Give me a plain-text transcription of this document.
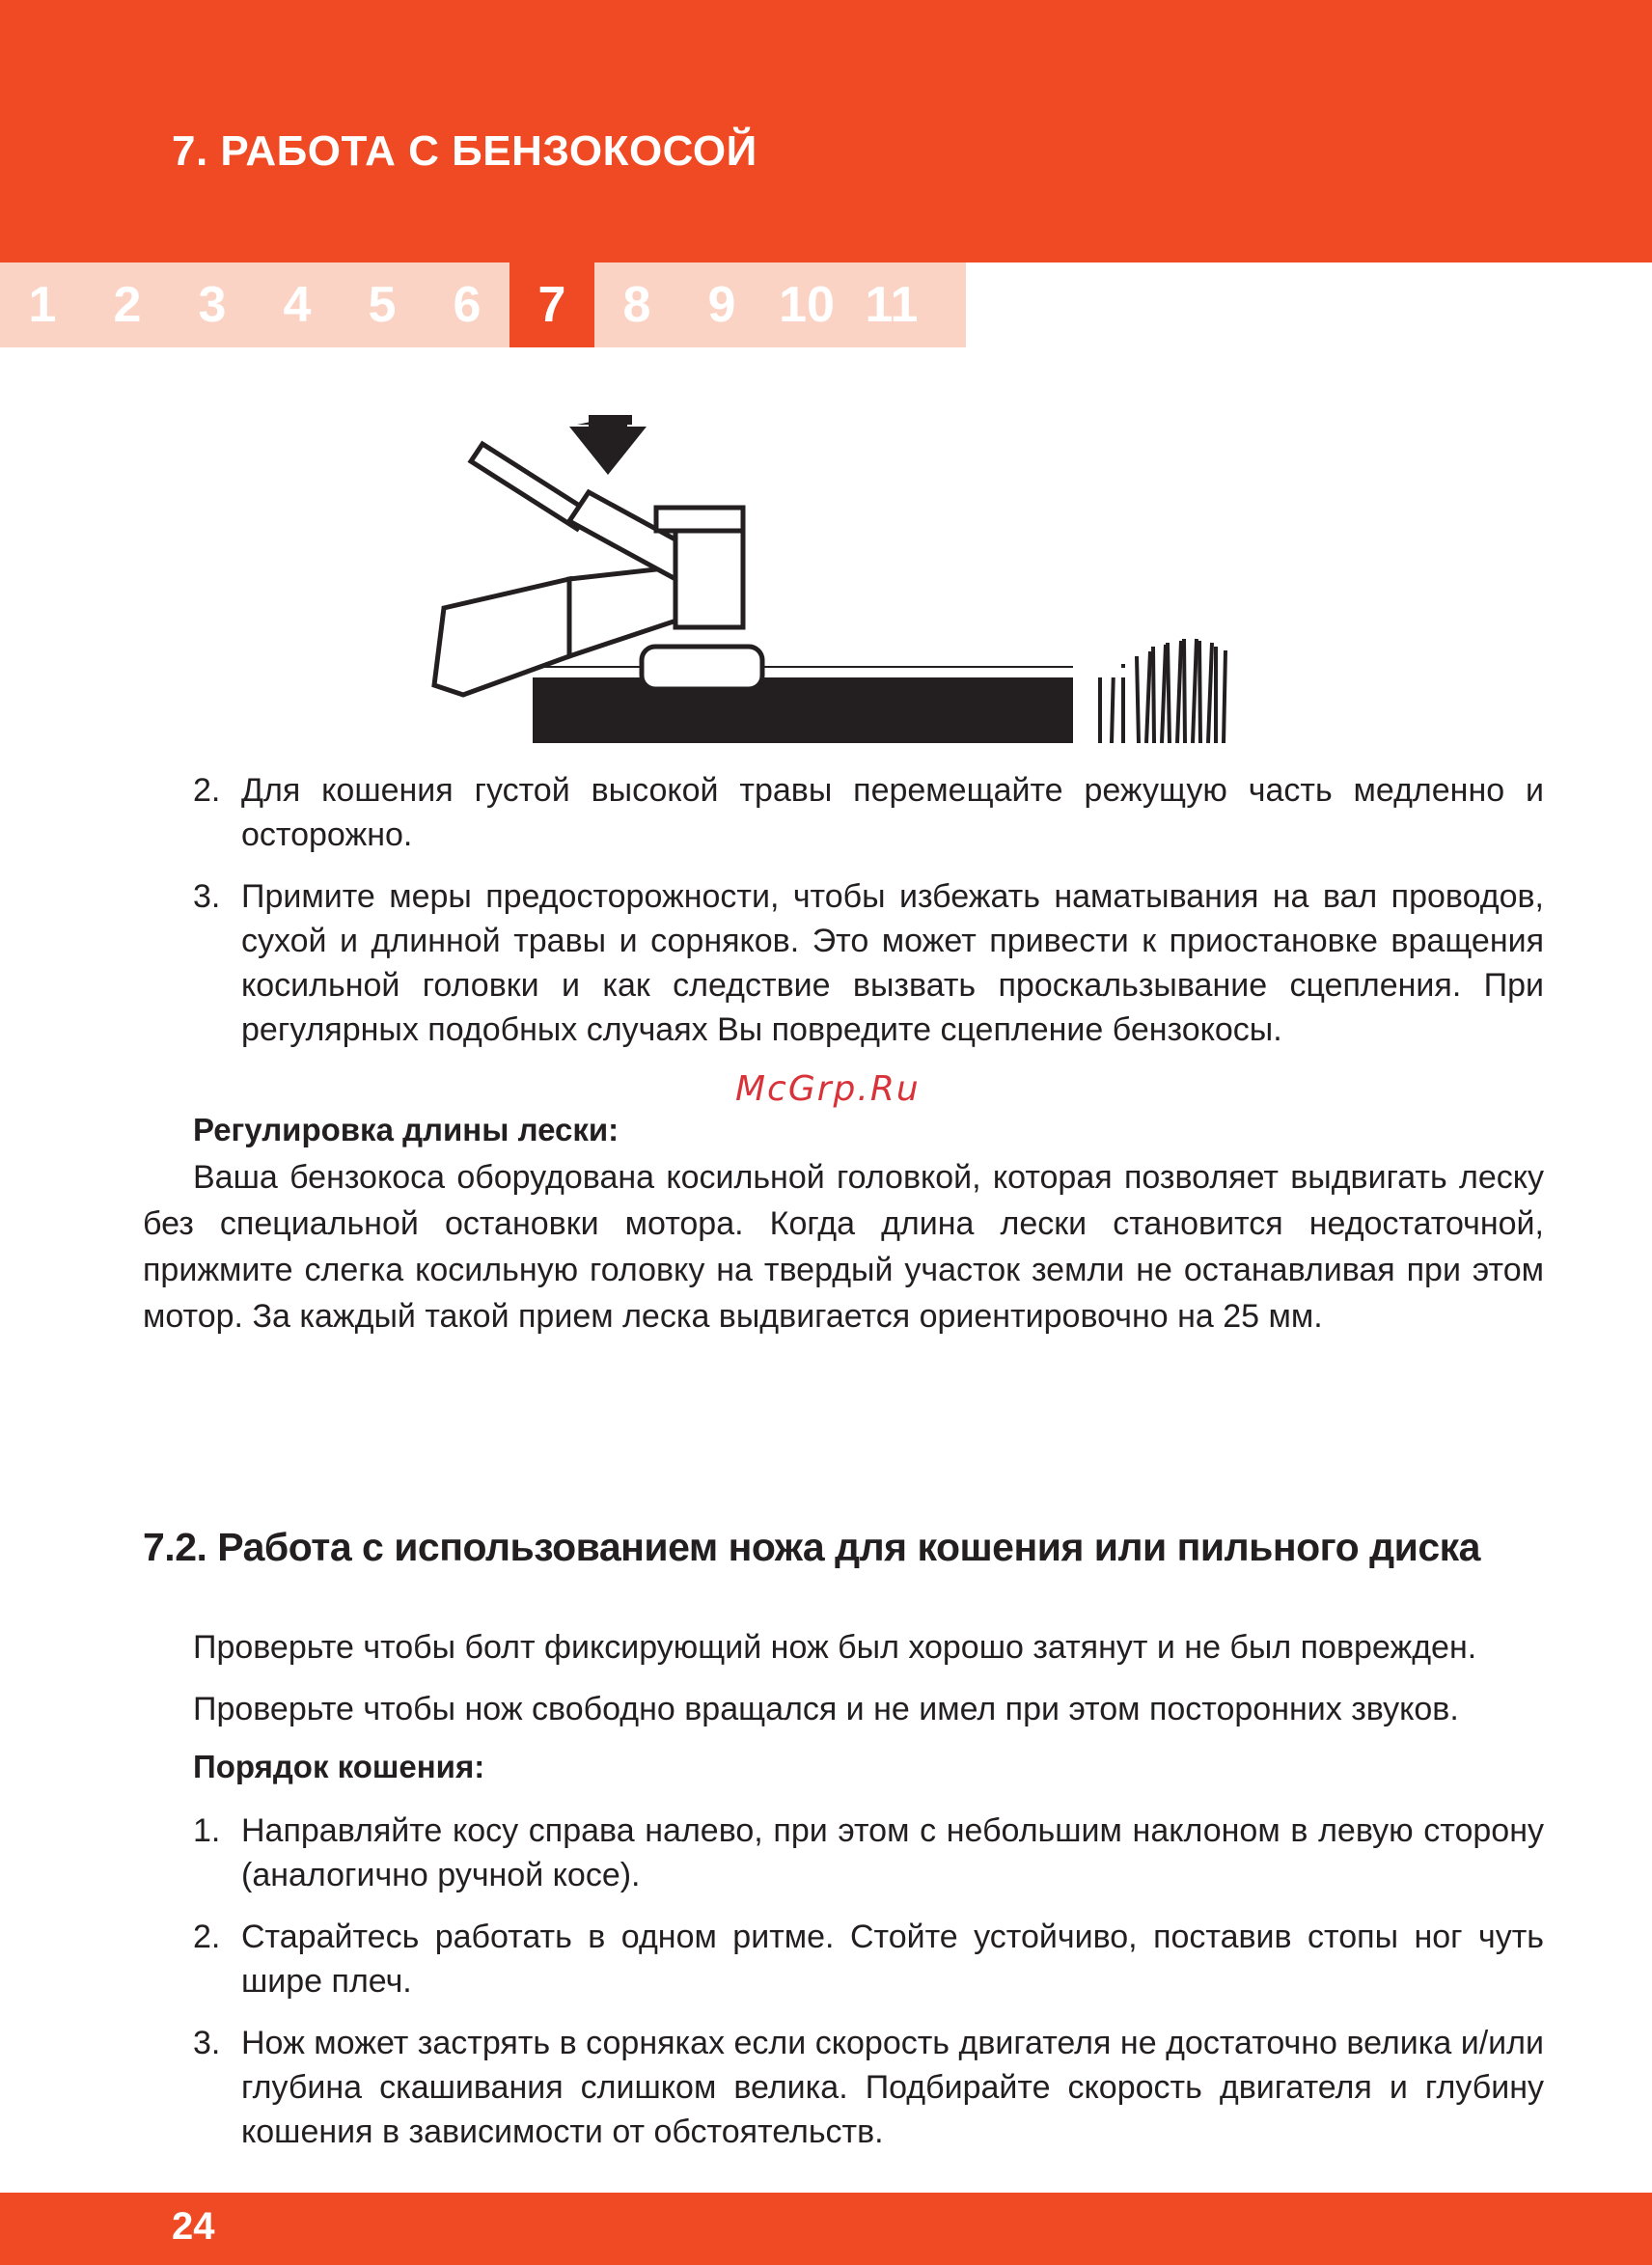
7. РАБОТА С БЕНЗОКОСОЙ
1	2	3	4	5	6	7	8	9 10 11
2. Для кошения густой высокой травы перемещайте режущую часть медленно и осторожно.
3. Примите меры предосторожности, чтобы избежать наматывания на вал проводов, сухой и длинной травы и сорняков. Это может привести к приостановке вращения косильной головки и как следствие вызвать проскальзывание сцепления. При регулярных подобных случаях Вы повредите сцепление бензокосы.
McGrp.Ru
Регулировка длины лески:

Ваша бензокоса оборудована косильной головкой, которая позволяет выдвигать леску без специальной остановки мотора. Когда длина лески становится недостаточной, прижмите слегка косильную головку на твердый участок земли не останавливая при этом мотор. За каждый такой прием леска выдвигается ориентировочно на 25 мм.

7.2. Работа с использованием ножа для кошения или пильного диска
Проверьте чтобы болт фиксирующий нож был хорошо затянут и не был поврежден.
Проверьте чтобы нож свободно вращался и не имел при этом посторонних звуков.
Порядок кошения:
1. Направляйте косу справа налево, при этом с небольшим наклоном в левую сторону (аналогично ручной косе).
2. Старайтесь работать в одном ритме. Стойте устойчиво, поставив стопы ног чуть шире плеч.
3. Нож может застрять в сорняках если скорость двигателя не достаточно велика и/или глубина скашивания слишком велика. Подбирайте скорость двигателя и глубину кошения в зависимости от обстоятельств.
24
